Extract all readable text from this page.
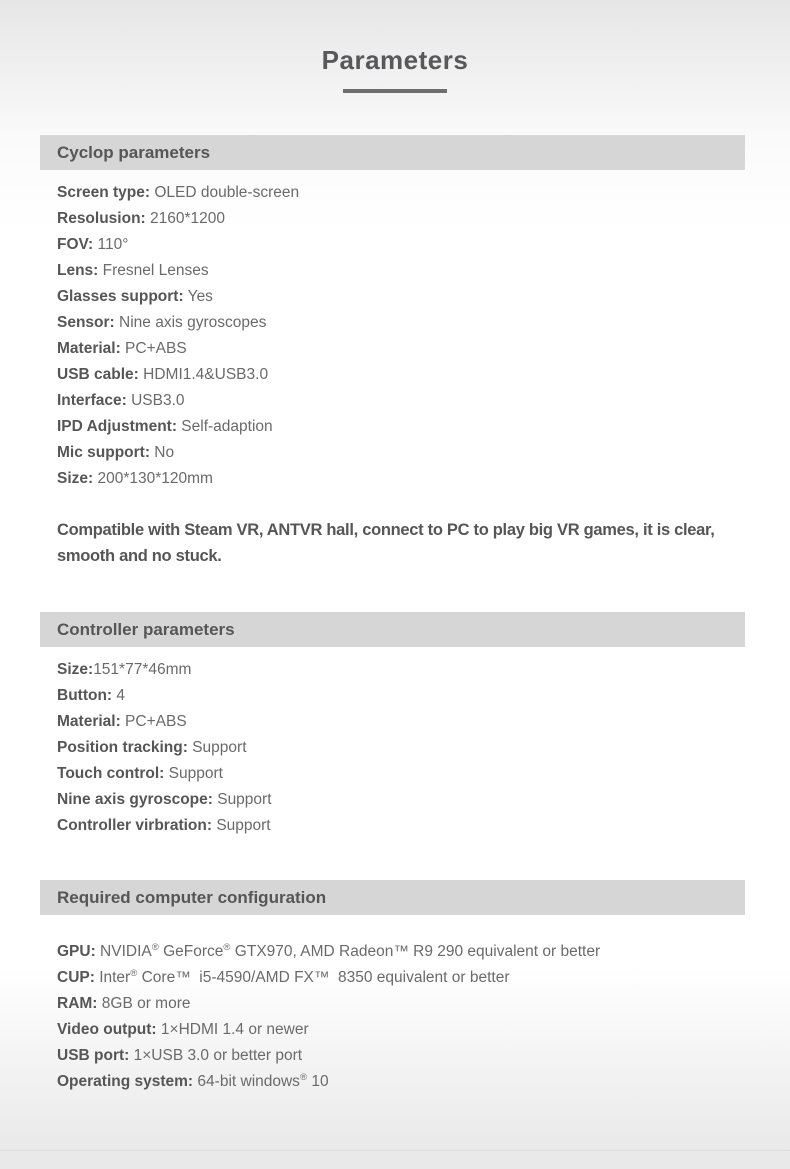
Parameters
Cyclop parameters
Screen type: OLED double-screen
Resolusion: 2160*1200
FOV: 110°
Lens: Fresnel Lenses
Glasses support: Yes
Sensor: Nine axis gyroscopes
Material: PC+ABS
USB cable: HDMI1.4&USB3.0
Interface: USB3.0
IPD Adjustment: Self-adaption
Mic support: No
Size: 200*130*120mm

Compatible with Steam VR, ANTVR hall, connect to PC to play big VR games, it is clear, smooth and no stuck.

Controller parameters
Size:151*77*46mm
Button: 4
Material: PC+ABS
Position tracking: Support
Touch control: Support
Nine axis gyroscope: Support
Controller virbration: Support
Required computer configuration
GPU: NVIDIA® GeForce® GTX970, AMD Radeon™ R9 290 equivalent or better
CUP: Inter® Core™  i5-4590/AMD FX™  8350 equivalent or better
RAM: 8GB or more
Video output: 1×HDMI 1.4 or newer
USB port: 1×USB 3.0 or better port
Operating system: 64-bit windows® 10
